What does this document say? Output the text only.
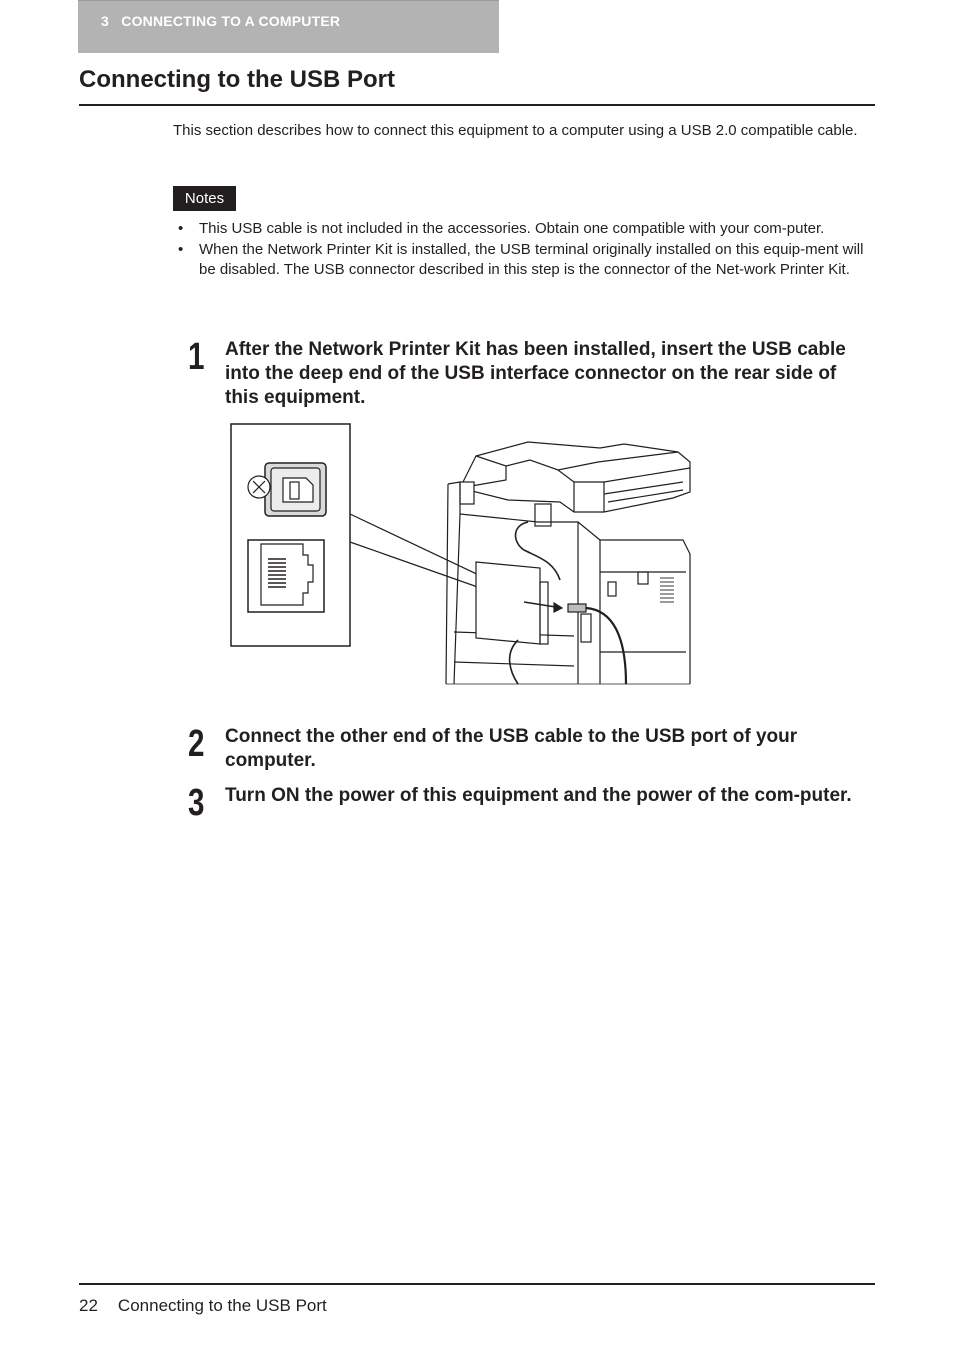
3   CONNECTING TO A COMPUTER
Connecting to the USB Port

This section describes how to connect this equipment to a computer using a USB 2.0 compatible cable.

Notes
• This USB cable is not included in the accessories. Obtain one compatible with your com-puter.
• When the Network Printer Kit is installed, the USB terminal originally installed on this equip-ment will be disabled. The USB connector described in this step is the connector of the Net-work Printer Kit.
1 After the Network Printer Kit has been installed, insert the USB cable into the deep end of the USB interface connector on the rear side of this equipment.

2 Connect the other end of the USB cable to the USB port of your computer.

3 Turn ON the power of this equipment and the power of the com-puter.

22 Connecting to the USB Port
